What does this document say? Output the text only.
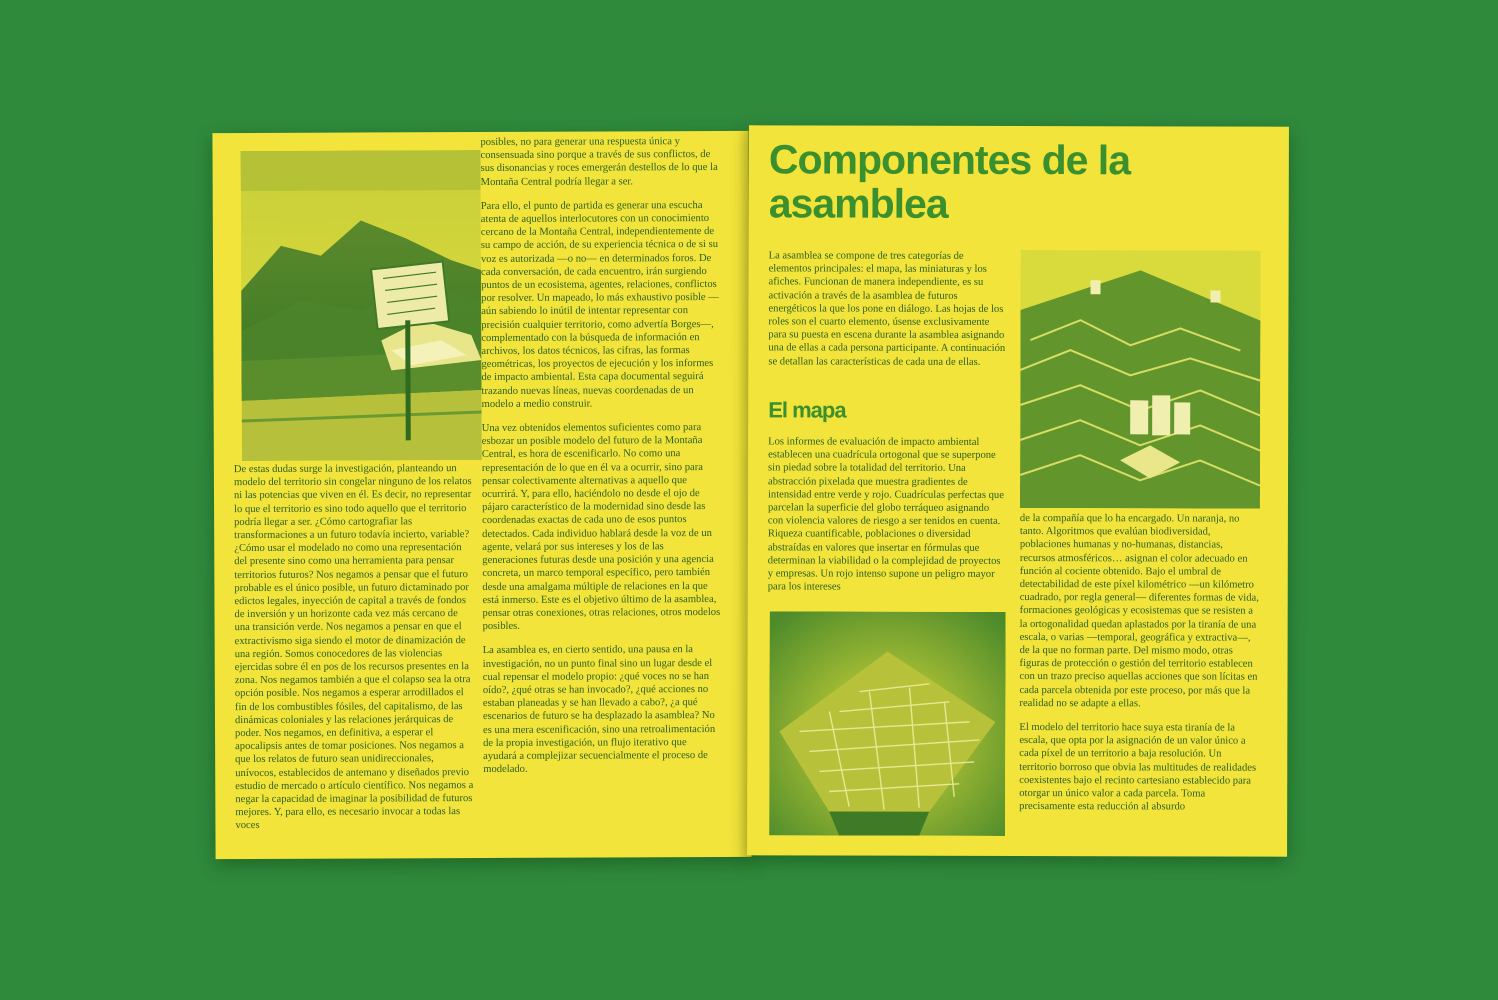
De estas dudas surge la investigación, planteando un modelo del territorio sin congelar ninguno de los relatos ni las potencias que viven en él. Es decir, no representar lo que el territorio es sino todo aquello que el territorio podría llegar a ser. ¿Cómo cartografiar las transformaciones a un futuro todavía incierto, variable? ¿Cómo usar el modelado no como una representación del presente sino como una herramienta para pensar territorios futuros? Nos negamos a pensar que el futuro probable es el único posible, un futuro dictaminado por edictos legales, inyección de capital a través de fondos de inversión y un horizonte cada vez más cercano de una transición verde. Nos negamos a pensar en que el extractivismo siga siendo el motor de dinamización de una región. Somos conocedores de las violencias ejercidas sobre él en pos de los recursos presentes en la zona. Nos negamos también a que el colapso sea la otra opción posible. Nos negamos a esperar arrodillados el fin de los combustibles fósiles, del capitalismo, de las dinámicas coloniales y las relaciones jerárquicas de poder. Nos negamos, en definitiva, a esperar el apocalipsis antes de tomar posiciones. Nos negamos a que los relatos de futuro sean unidireccionales, unívocos, establecidos de antemano y diseñados previo estudio de mercado o artículo científico. Nos negamos a negar la capacidad de imaginar la posibilidad de futuros mejores. Y, para ello, es necesario invocar a todas las voces

posibles, no para generar una respuesta única y consensuada sino porque a través de sus conflictos, de sus disonancias y roces emergerán destellos de lo que la Montaña Central podría llegar a ser.

Para ello, el punto de partida es generar una escucha atenta de aquellos interlocutores con un conocimiento cercano de la Montaña Central, independientemente de su campo de acción, de su experiencia técnica o de si su voz es autorizada —o no— en determinados foros. De cada conversación, de cada encuentro, irán surgiendo puntos de un ecosistema, agentes, relaciones, conflictos por resolver. Un mapeado, lo más exhaustivo posible —aún sabiendo lo inútil de intentar representar con precisión cualquier territorio, como advertía Borges—, complementado con la búsqueda de información en archivos, los datos técnicos, las cifras, las formas geométricas, los proyectos de ejecución y los informes de impacto ambiental. Esta capa documental seguirá trazando nuevas líneas, nuevas coordenadas de un modelo a medio construir.

Una vez obtenidos elementos suficientes como para esbozar un posible modelo del futuro de la Montaña Central, es hora de escenificarlo. No como una representación de lo que en él va a ocurrir, sino para pensar colectivamente alternativas a aquello que ocurrirá. Y, para ello, haciéndolo no desde el ojo de pájaro característico de la modernidad sino desde las coordenadas exactas de cada uno de esos puntos detectados. Cada individuo hablará desde la voz de un agente, velará por sus intereses y los de las generaciones futuras desde una posición y una agencia concreta, un marco temporal específico, pero también desde una amalgama múltiple de relaciones en la que está inmerso. Este es el objetivo último de la asamblea, pensar otras conexiones, otras relaciones, otros modelos posibles.

La asamblea es, en cierto sentido, una pausa en la investigación, no un punto final sino un lugar desde el cual repensar el modelo propio: ¿qué voces no se han oído?, ¿qué otras se han invocado?, ¿qué acciones no estaban planeadas y se han llevado a cabo?, ¿a qué escenarios de futuro se ha desplazado la asamblea? No es una mera escenificación, sino una retroalimentación de la propia investigación, un flujo iterativo que ayudará a complejizar secuencialmente el proceso de modelado.

Componentes de la asamblea

La asamblea se compone de tres categorías de elementos principales: el mapa, las miniaturas y los afiches. Funcionan de manera independiente, es su activación a través de la asamblea de futuros energéticos la que los pone en diálogo. Las hojas de los roles son el cuarto elemento, úsense exclusivamente para su puesta en escena durante la asamblea asignando una de ellas a cada persona participante. A continuación se detallan las características de cada una de ellas.

El mapa

Los informes de evaluación de impacto ambiental establecen una cuadrícula ortogonal que se superpone sin piedad sobre la totalidad del territorio. Una abstracción pixelada que muestra gradientes de intensidad entre verde y rojo. Cuadrículas perfectas que parcelan la superficie del globo terráqueo asignando con violencia valores de riesgo a ser tenidos en cuenta. Riqueza cuantificable, poblaciones o diversidad abstraídas en valores que insertar en fórmulas que determinan la viabilidad o la complejidad de proyectos y empresas. Un rojo intenso supone un peligro mayor para los intereses

de la compañía que lo ha encargado. Un naranja, no tanto. Algoritmos que evalúan biodiversidad, poblaciones humanas y no-humanas, distancias, recursos atmosféricos… asignan el color adecuado en función al cociente obtenido. Bajo el umbral de detectabilidad de este píxel kilométrico —un kilómetro cuadrado, por regla general— diferentes formas de vida, formaciones geológicas y ecosistemas que se resisten a la ortogonalidad quedan aplastados por la tiranía de una escala, o varias —temporal, geográfica y extractiva—, de la que no forman parte. Del mismo modo, otras figuras de protección o gestión del territorio establecen con un trazo preciso aquellas acciones que son lícitas en cada parcela obtenida por este proceso, por más que la realidad no se adapte a ellas.

El modelo del territorio hace suya esta tiranía de la escala, que opta por la asignación de un valor único a cada píxel de un territorio a baja resolución. Un territorio borroso que obvia las multitudes de realidades coexistentes bajo el recinto cartesiano establecido para otorgar un único valor a cada parcela. Toma precisamente esta reducción al absurdo
